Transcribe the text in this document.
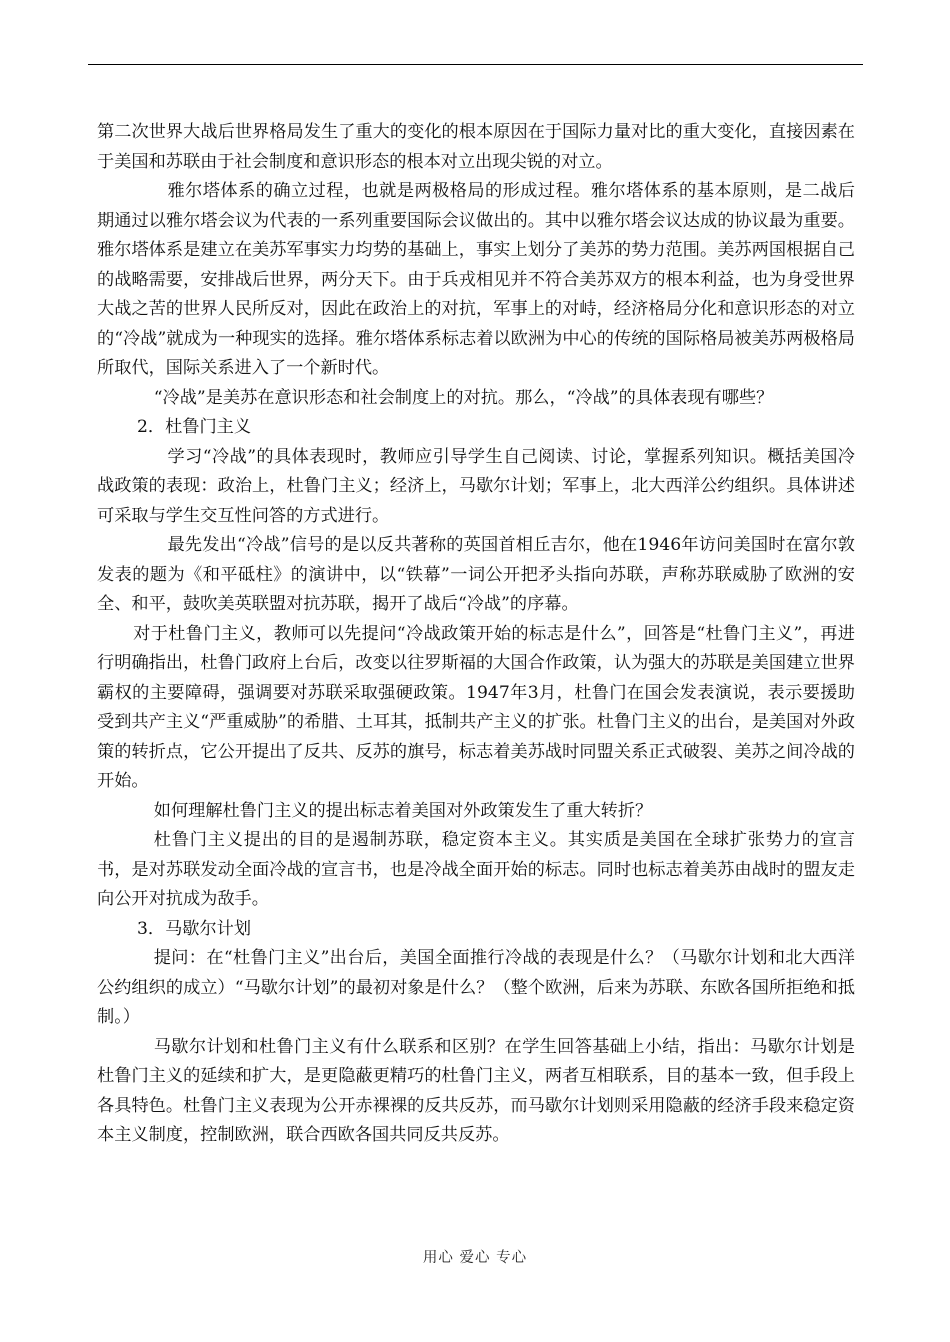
第二次世界大战后世界格局发生了重大的变化的根本原因在于国际力量对比的重大变化，直接因素在于美国和苏联由于社会制度和意识形态的根本对立出现尖锐的对立。

雅尔塔体系的确立过程，也就是两极格局的形成过程。雅尔塔体系的基本原则，是二战后期通过以雅尔塔会议为代表的一系列重要国际会议做出的。其中以雅尔塔会议达成的协议最为重要。雅尔塔体系是建立在美苏军事实力均势的基础上，事实上划分了美苏的势力范围。美苏两国根据自己的战略需要，安排战后世界，两分天下。由于兵戎相见并不符合美苏双方的根本利益，也为身受世界大战之苦的世界人民所反对，因此在政治上的对抗，军事上的对峙，经济格局分化和意识形态的对立的“冷战”就成为一种现实的选择。雅尔塔体系标志着以欧洲为中心的传统的国际格局被美苏两极格局所取代，国际关系进入了一个新时代。

“冷战”是美苏在意识形态和社会制度上的对抗。那么，“冷战”的具体表现有哪些？

2．杜鲁门主义

学习“冷战”的具体表现时，教师应引导学生自己阅读、讨论，掌握系列知识。概括美国冷战政策的表现：政治上，杜鲁门主义；经济上，马歇尔计划；军事上，北大西洋公约组织。具体讲述可采取与学生交互性问答的方式进行。

最先发出“冷战”信号的是以反共著称的英国首相丘吉尔，他在1946年访问美国时在富尔敦发表的题为《和平砥柱》的演讲中，以“铁幕”一词公开把矛头指向苏联，声称苏联威胁了欧洲的安全、和平，鼓吹美英联盟对抗苏联，揭开了战后“冷战”的序幕。

对于杜鲁门主义，教师可以先提问“冷战政策开始的标志是什么”，回答是“杜鲁门主义”，再进行明确指出，杜鲁门政府上台后，改变以往罗斯福的大国合作政策，认为强大的苏联是美国建立世界霸权的主要障碍，强调要对苏联采取强硬政策。1947年3月，杜鲁门在国会发表演说，表示要援助受到共产主义“严重威胁”的希腊、土耳其，抵制共产主义的扩张。杜鲁门主义的出台，是美国对外政策的转折点，它公开提出了反共、反苏的旗号，标志着美苏战时同盟关系正式破裂、美苏之间冷战的开始。

如何理解杜鲁门主义的提出标志着美国对外政策发生了重大转折？

杜鲁门主义提出的目的是遏制苏联，稳定资本主义。其实质是美国在全球扩张势力的宣言书，是对苏联发动全面冷战的宣言书，也是冷战全面开始的标志。同时也标志着美苏由战时的盟友走向公开对抗成为敌手。

3．马歇尔计划

提问：在“杜鲁门主义”出台后，美国全面推行冷战的表现是什么？（马歇尔计划和北大西洋公约组织的成立）“马歇尔计划”的最初对象是什么？（整个欧洲，后来为苏联、东欧各国所拒绝和抵制。）

马歇尔计划和杜鲁门主义有什么联系和区别？在学生回答基础上小结，指出：马歇尔计划是杜鲁门主义的延续和扩大，是更隐蔽更精巧的杜鲁门主义，两者互相联系，目的基本一致，但手段上各具特色。杜鲁门主义表现为公开赤裸裸的反共反苏，而马歇尔计划则采用隐蔽的经济手段来稳定资本主义制度，控制欧洲，联合西欧各国共同反共反苏。

用心 爱心 专心
